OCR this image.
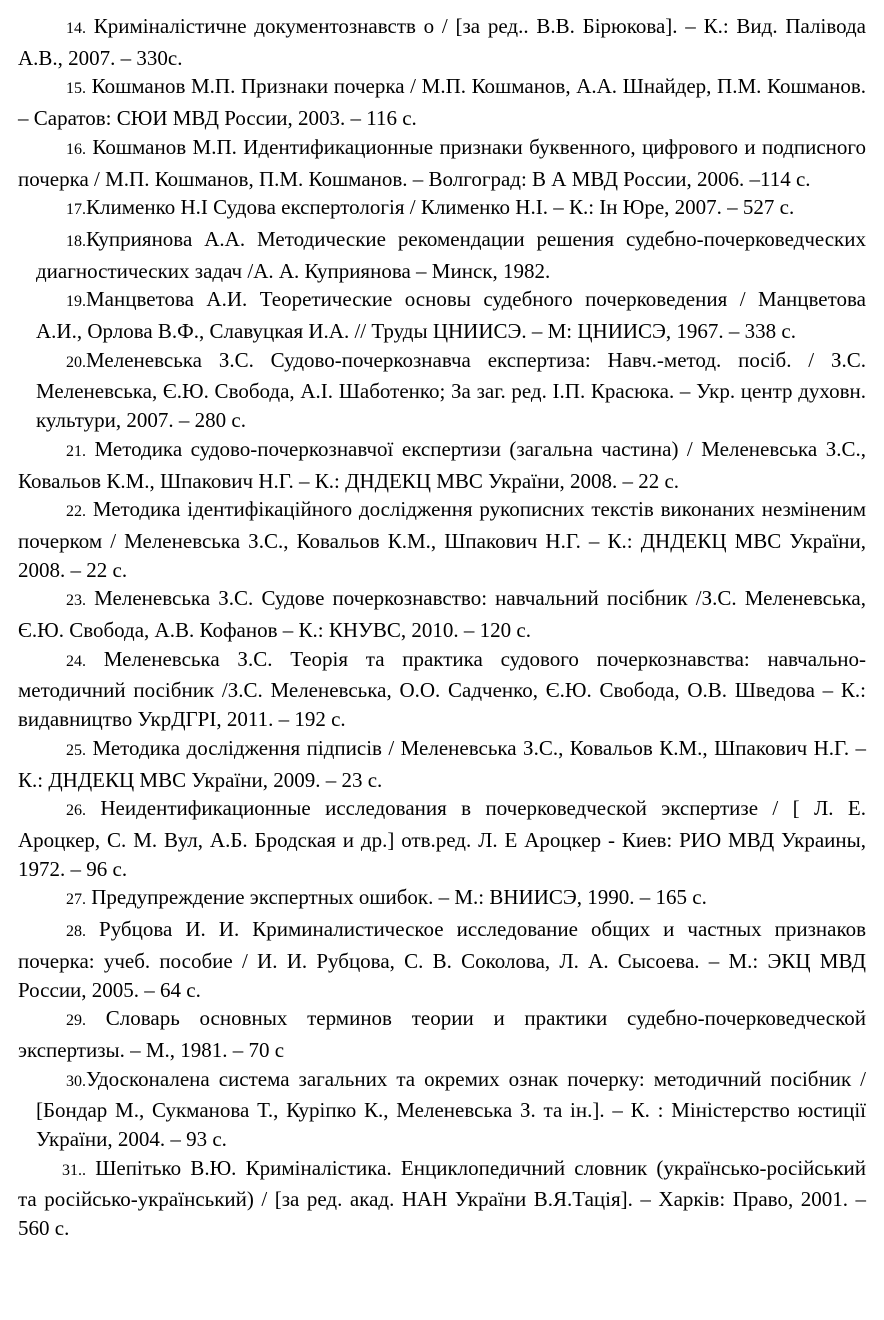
14. Криміналістичне документознавств о / [за ред.. В.В. Бірюкова]. – К.: Вид. Палівода А.В., 2007. – 330с.

15. Кошманов М.П. Признаки почерка / М.П. Кошманов, А.А. Шнайдер, П.М. Кошманов. – Саратов: СЮИ МВД России, 2003. – 116 с.

16. Кошманов М.П. Идентификационные признаки буквенного, цифрового и подписного почерка / М.П. Кошманов, П.М. Кошманов. – Волгоград: В А МВД России, 2006. –114 с.

17.Клименко Н.І Судова експертологія / Клименко Н.І. – К.: Ін Юре, 2007. – 527 с.

18.Куприянова А.А. Методические рекомендации решения судебно-почерковедческих диагностических задач /А. А. Куприянова – Минск, 1982.

19.Манцветова А.И. Теоретические основы судебного почерковедения / Манцветова А.И., Орлова В.Ф., Славуцкая И.А. // Труды ЦНИИСЭ. – М: ЦНИИСЭ, 1967. – 338 с.

20.Меленевська З.С. Судово-почеркознавча експертиза: Навч.-метод. посіб. / З.С. Меленевська, Є.Ю. Свобода, А.І. Шаботенко; За заг. ред. І.П. Красюка. – Укр. центр духовн. культури, 2007. – 280 с.

21. Методика судово-почеркознавчої експертизи (загальна частина) / Меленевська З.С., Ковальов К.М., Шпакович Н.Г. – К.: ДНДЕКЦ МВС України, 2008. – 22 с.

22. Методика ідентифікаційного дослідження рукописних текстів виконаних незміненим почерком / Меленевська З.С., Ковальов К.М., Шпакович Н.Г. – К.: ДНДЕКЦ МВС України, 2008. – 22 с.

23. Меленевська З.С. Судове почеркознавство: навчальний посібник /З.С. Меленевська, Є.Ю. Свобода, А.В. Кофанов – К.: КНУВС, 2010. – 120 с.

24. Меленевська З.С. Теорія та практика судового почеркознавства: навчально-методичний посібник /З.С. Меленевська, О.О. Садченко, Є.Ю. Свобода, О.В. Шведова – К.: видавництво УкрДГРІ, 2011. – 192 с.

25. Методика дослідження підписів / Меленевська З.С., Ковальов К.М., Шпакович Н.Г. – К.: ДНДЕКЦ МВС України, 2009. – 23 с.

26. Неидентификационные исследования в почерковедческой экспертизе / [ Л. Е. Ароцкер, С. М. Вул, А.Б. Бродская и др.] отв.ред. Л. Е Ароцкер - Киев: РИО МВД Украины, 1972. – 96 с.

27. Предупреждение экспертных ошибок. – М.: ВНИИСЭ, 1990. – 165 с.

28. Рубцова И. И. Криминалистическое исследование общих и частных признаков почерка: учеб. пособие / И. И. Рубцова, С. В. Соколова, Л. А. Сысоева. – М.: ЭКЦ МВД России, 2005. – 64 с.

29. Словарь основных терминов теории и практики судебно-почерковедческой экспертизы. – М., 1981. – 70 с

30.Удосконалена система загальних та окремих ознак почерку: методичний посібник / [Бондар М., Сукманова Т., Куріпко К., Меленевська З. та ін.]. – К. : Міністерство юстиції України, 2004. – 93 с.

31.. Шепітько В.Ю. Криміналістика. Енциклопедичний словник (українсько-російський та російсько-український) / [за ред. акад. НАН України В.Я.Тація]. – Харків: Право, 2001. – 560 с.
